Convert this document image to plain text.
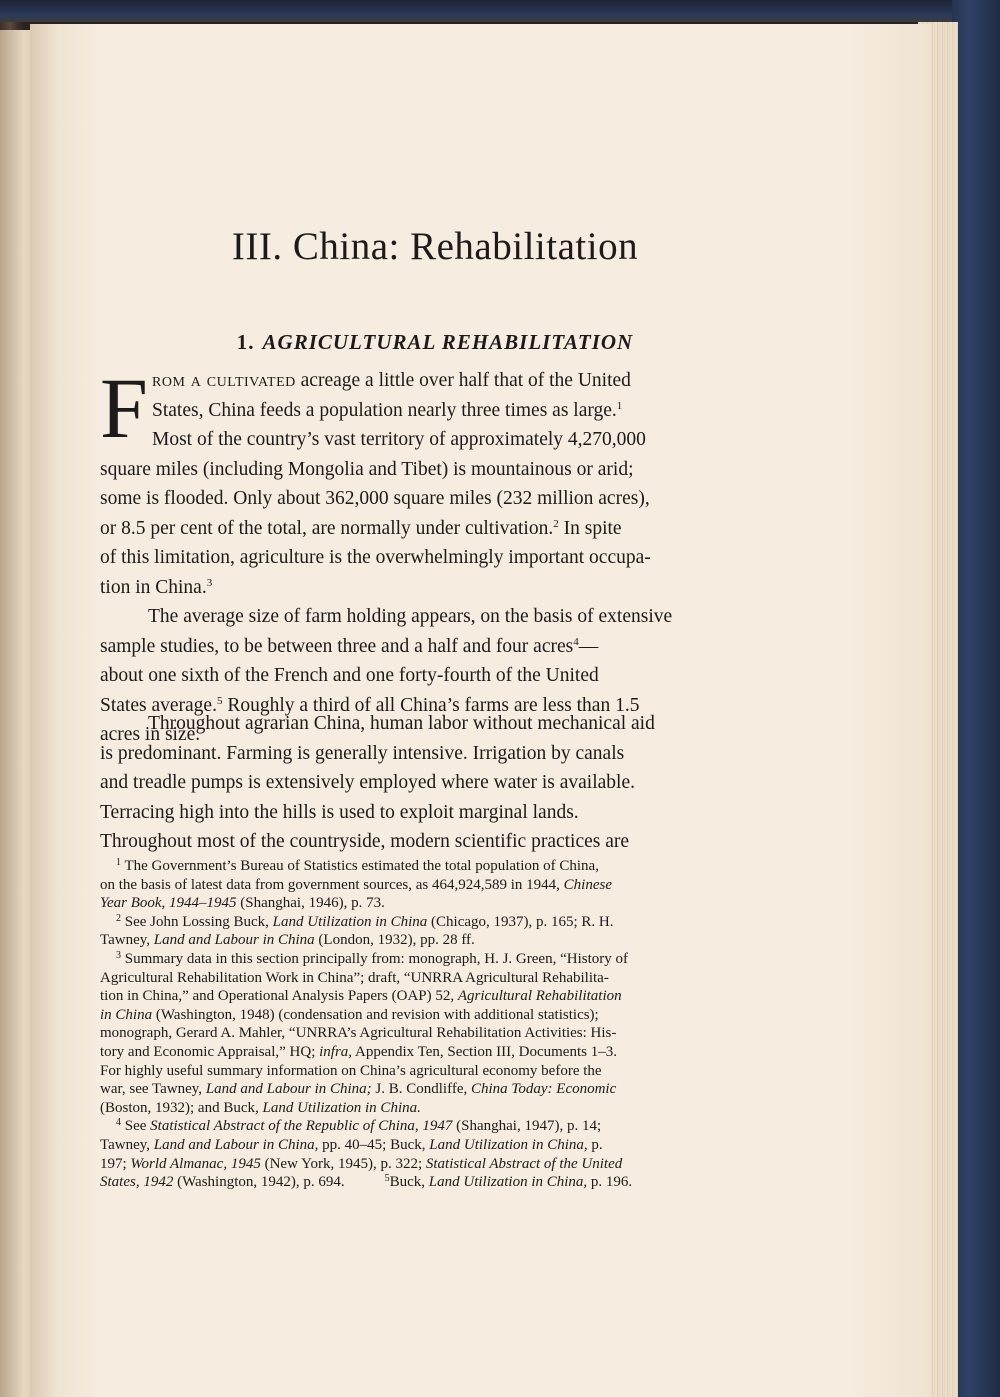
III. China: Rehabilitation
1. AGRICULTURAL REHABILITATION
F rom a cultivated acreage a little over half that of the United
States, China feeds a population nearly three times as large.$^1$
Most of the country’s vast territory of approximately 4,270,000
square miles (including Mongolia and Tibet) is mountainous or arid;
some is flooded. Only about 362,000 square miles (232 million acres),
or 8.5 per cent of the total, are normally under cultivation.$^2$ In spite
of this limitation, agriculture is the overwhelmingly important occupa-
tion in China.$^3$
The average size of farm holding appears, on the basis of extensive
sample studies, to be between three and a half and four acres$^4$—
about one sixth of the French and one forty-fourth of the United
States average.$^5$ Roughly a third of all China’s farms are less than 1.5
acres in size.
Throughout agrarian China, human labor without mechanical aid
is predominant. Farming is generally intensive. Irrigation by canals
and treadle pumps is extensively employed where water is available.
Terracing high into the hills is used to exploit marginal lands.
Throughout most of the countryside, modern scientific practices are
$^1$ The Government’s Bureau of Statistics estimated the total population of China,
on the basis of latest data from government sources, as 464,924,589 in 1944, Chinese
Year Book, 1944–1945 (Shanghai, 1946), p. 73.
$^2$ See John Lossing Buck, Land Utilization in China (Chicago, 1937), p. 165; R. H.
Tawney, Land and Labour in China (London, 1932), pp. 28 ff.
$^3$ Summary data in this section principally from: monograph, H. J. Green, “History of
Agricultural Rehabilitation Work in China”; draft, “UNRRA Agricultural Rehabilita-
tion in China,” and Operational Analysis Papers (OAP) 52, Agricultural Rehabilitation
in China (Washington, 1948) (condensation and revision with additional statistics);
monograph, Gerard A. Mahler, “UNRRA’s Agricultural Rehabilitation Activities: His-
tory and Economic Appraisal,” HQ; infra, Appendix Ten, Section III, Documents 1–3.
For highly useful summary information on China’s agricultural economy before the
war, see Tawney, Land and Labour in China; J. B. Condliffe, China Today: Economic
(Boston, 1932); and Buck, Land Utilization in China.
$^4$ See Statistical Abstract of the Republic of China, 1947 (Shanghai, 1947), p. 14;
Tawney, Land and Labour in China, pp. 40–45; Buck, Land Utilization in China, p.
197; World Almanac, 1945 (New York, 1945), p. 322; Statistical Abstract of the United
States, 1942 (Washington, 1942), p. 694.	$^5$Buck, Land Utilization in China, p. 196.
